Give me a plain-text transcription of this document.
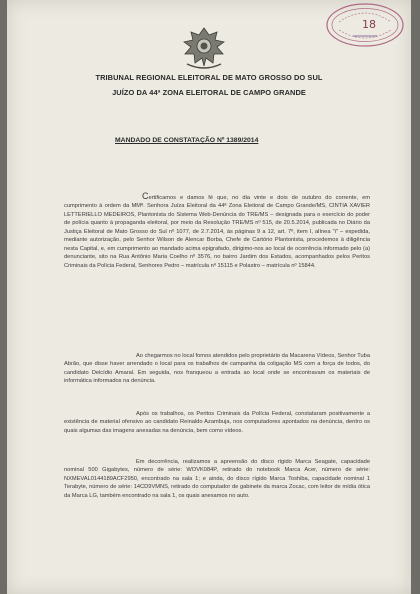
18
TRIBUNAL REGIONAL ELEITORAL DE MATO GROSSO DO SUL
JUÍZO DA 44ª ZONA ELEITORAL DE CAMPO GRANDE
MANDADO DE CONSTATAÇÃO Nº 1389/2014
Certificamos e damos fé que, no dia vinte e dois de outubro do corrente, em cumprimento à ordem da MMª. Senhora Juíza Eleitoral da 44ª Zona Eleitoral de Campo Grande/MS, CINTIA XAVIER LETTERIELLO MEDEIROS, Plantonista do Sistema Web-Denúncia do TRE/MS – designada para o exercício do poder de polícia quanto à propaganda eleitoral, por meio da Resolução TRE/MS nº 515, de 20.5.2014, publicada no Diário da Justiça Eleitoral de Mato Grosso do Sul nº 1077, de 2.7.2014, às páginas 9 a 12, art. 7º, item I, alínea "i" – expedida, mediante autorização, pelo Senhor Wilson de Alencar Borba, Chefe de Cartório Plantonista, procedemos à diligência nesta Capital, e, em cumprimento ao mandado acima epigrafado, dirigimo-nos ao local de ocorrência informado pelo (a) denunciante, sito na Rua Antônio Maria Coelho nº 3576, no bairro Jardim dos Estados, acompanhados pelos Peritos Criminais da Polícia Federal, Senhores Pedro – matrícula nº 15115 e Polastro – matrícula nº 15844.
Ao chegarmos no local fomos atendidos pelo proprietário da Macarena Vídeos, Senhor Tuba Abrão, que disse haver arrendado o local para os trabalhos de campanha da coligação MS com a força de todos, do candidato Delcídio Amaral. Em seguida, nos franqueou a entrada ao local onde se encontravam os materiais de informática informados na denúncia.
Após os trabalhos, os Peritos Criminais da Polícia Federal, constataram positivamente a existência de material ofensivo ao candidato Reinaldo Azambuja, nos computadores apontados na denúncia, dentro os quais algumas das imagens anexadas na denúncia, bem como vídeos.
Em decorrência, realizamos a apreensão do disco rígido Marca Seagate, capacidade nominal 500 Gigabytes, número de série: WOVK084P, retirado do notebook Marca Acer, número de série: NXMEVAL0144189ACF2950, encontrado na sala 1; e ainda, do disco rígido Marca Toshiba, capacidade nominal 1 Terabyte, número de série: 14CD9VMNS, retirado do computador de gabinete da marca Zocac, com leitor de mídia ótica da Marca LG, também encontrado na sala 1, os quais anexamos no auto.
